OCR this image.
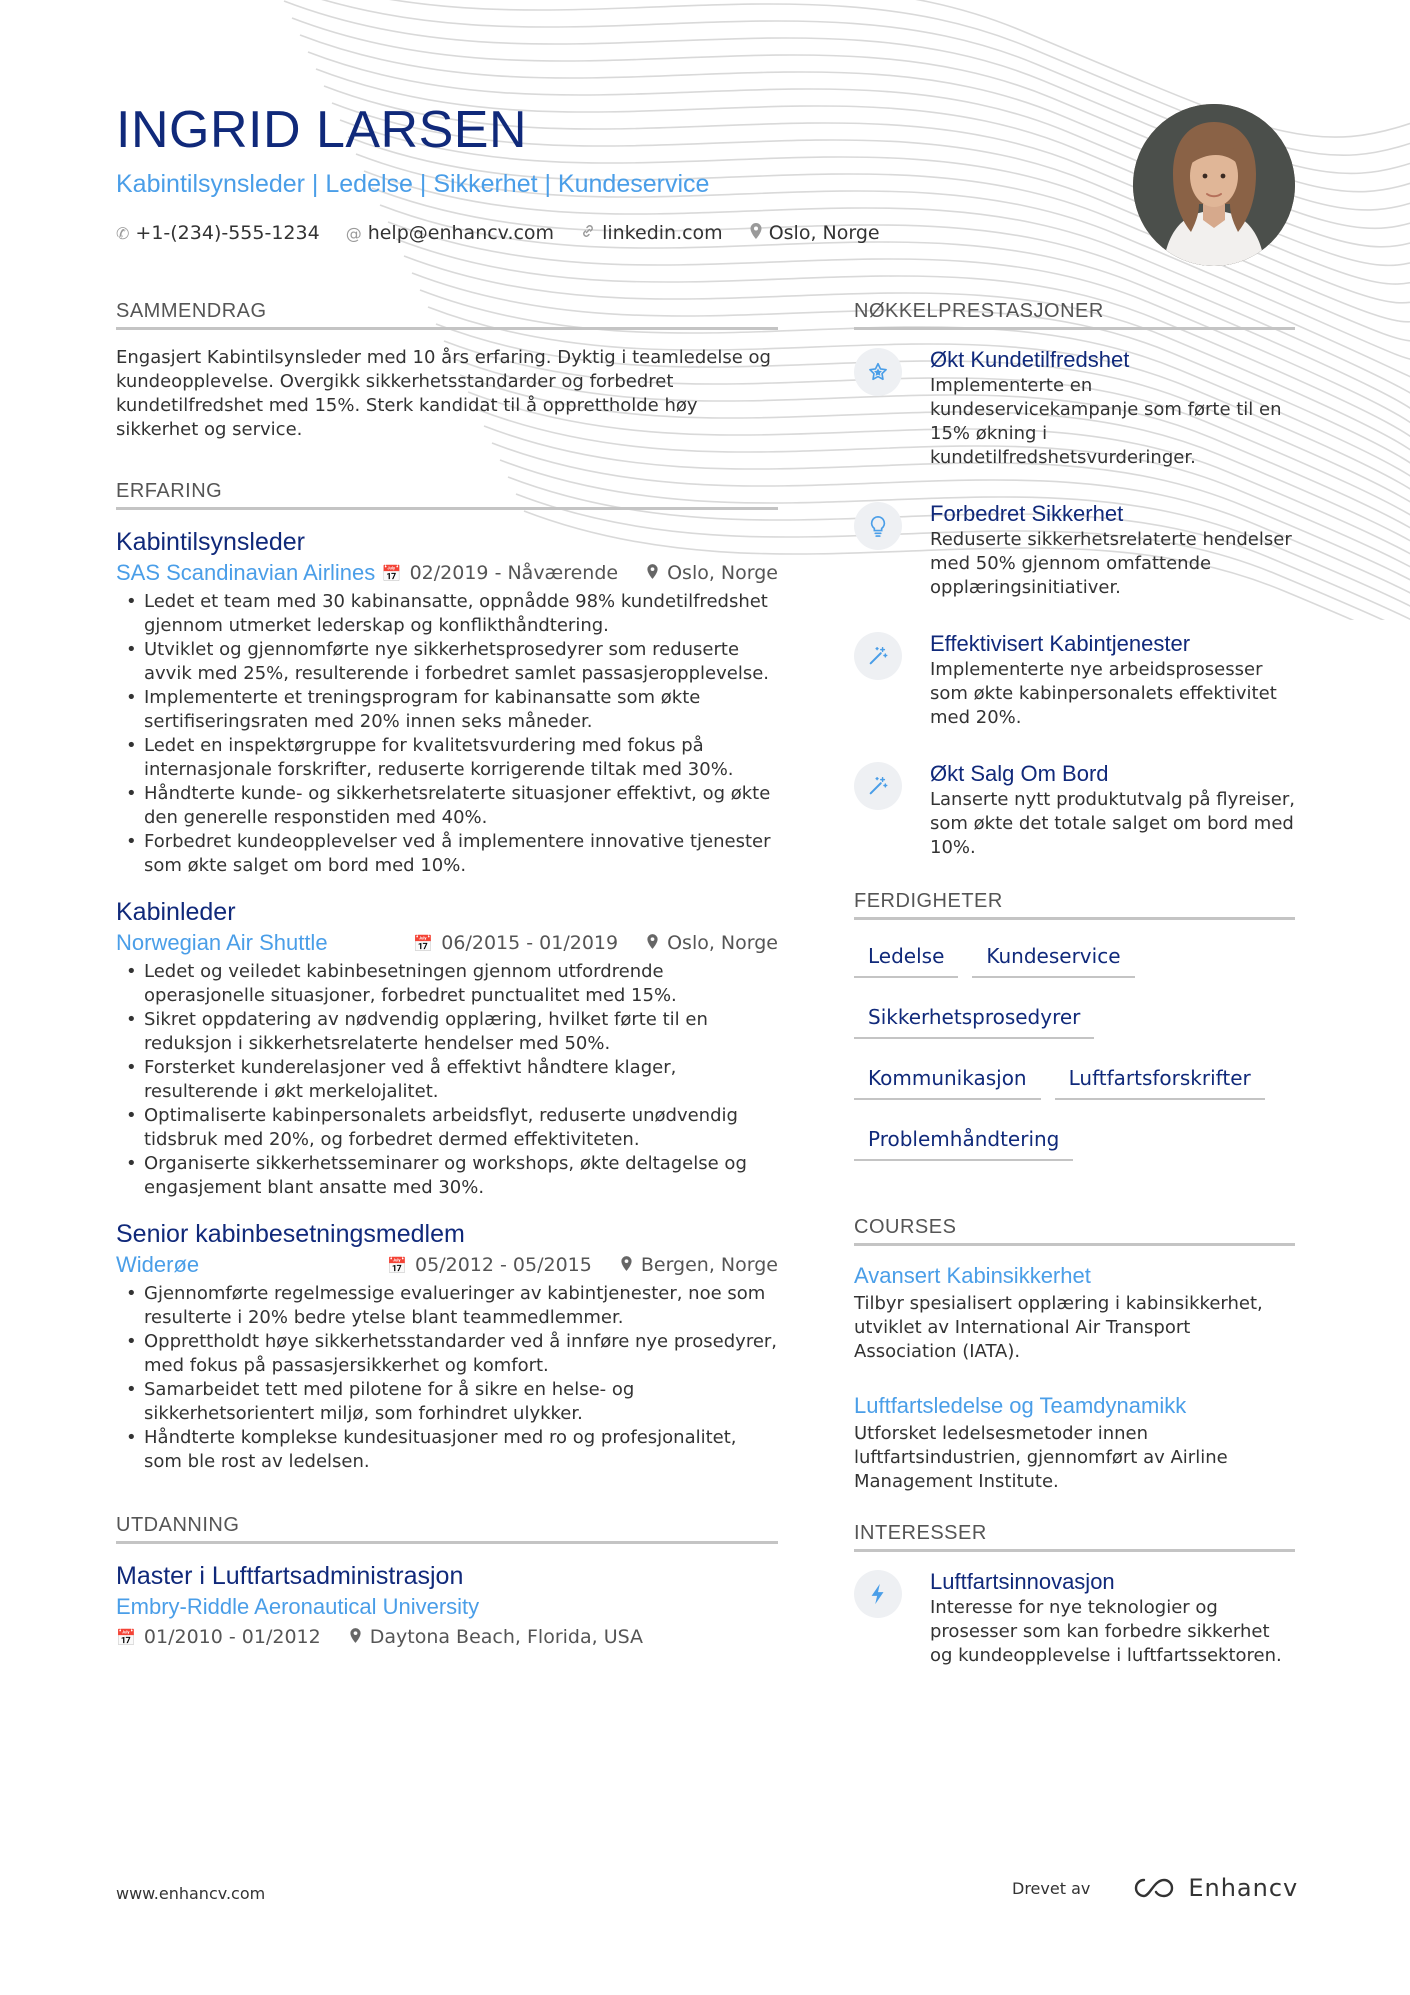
INGRID LARSEN
Kabintilsynsleder | Ledelse | Sikkerhet | Kundeservice
✆ +1-(234)-555-1234 @ help@enhancv.com	linkedin.com Oslo, Norge
SAMMENDRAG
Engasjert Kabintilsynsleder med 10 års erfaring. Dyktig i teamledelse og kundeopplevelse. Overgikk sikkerhetsstandarder og forbedret kundetilfredshet med 15%. Sterk kandidat til å opprettholde høy sikkerhet og service.
ERFARING
Kabintilsynsleder
SAS Scandinavian Airlines 📅 02/2019 - Nåværende	Oslo, Norge
• Ledet et team med 30 kabinansatte, oppnådde 98% kundetilfredshet gjennom utmerket lederskap og konflikthåndtering.
• Utviklet og gjennomførte nye sikkerhetsprosedyrer som reduserte avvik med 25%, resulterende i forbedret samlet passasjeropplevelse.
• Implementerte et treningsprogram for kabinansatte som økte sertifiseringsraten med 20% innen seks måneder.
• Ledet en inspektørgruppe for kvalitetsvurdering med fokus på internasjonale forskrifter, reduserte korrigerende tiltak med 30%.
• Håndterte kunde- og sikkerhetsrelaterte situasjoner effektivt, og økte den generelle responstiden med 40%.
• Forbedret kundeopplevelser ved å implementere innovative tjenester som økte salget om bord med 10%.
Kabinleder
Norwegian Air Shuttle	📅 06/2015 - 01/2019	Oslo, Norge
• Ledet og veiledet kabinbesetningen gjennom utfordrende operasjonelle situasjoner, forbedret punctualitet med 15%.
• Sikret oppdatering av nødvendig opplæring, hvilket førte til en reduksjon i sikkerhetsrelaterte hendelser med 50%.
• Forsterket kunderelasjoner ved å effektivt håndtere klager, resulterende i økt merkelojalitet.
• Optimaliserte kabinpersonalets arbeidsflyt, reduserte unødvendig tidsbruk med 20%, og forbedret dermed effektiviteten.
• Organiserte sikkerhetsseminarer og workshops, økte deltagelse og engasjement blant ansatte med 30%.
Senior kabinbesetningsmedlem
Widerøe	📅 05/2012 - 05/2015	Bergen, Norge
• Gjennomførte regelmessige evalueringer av kabintjenester, noe som resulterte i 20% bedre ytelse blant teammedlemmer.
• Opprettholdt høye sikkerhetsstandarder ved å innføre nye prosedyrer, med fokus på passasjersikkerhet og komfort.
• Samarbeidet tett med pilotene for å sikre en helse- og sikkerhetsorientert miljø, som forhindret ulykker.
• Håndterte komplekse kundesituasjoner med ro og profesjonalitet, som ble rost av ledelsen.
UTDANNING
Master i Luftfartsadministrasjon
Embry-Riddle Aeronautical University
📅 01/2010 - 01/2012	Daytona Beach, Florida, USA
NØKKELPRESTASJONER
Økt Kundetilfredshet
Implementerte en kundeservicekampanje som førte til en 15% økning i kundetilfredshetsvurderinger.
Forbedret Sikkerhet
Reduserte sikkerhetsrelaterte hendelser med 50% gjennom omfattende opplæringsinitiativer.
Effektivisert Kabintjenester
Implementerte nye arbeidsprosesser som økte kabinpersonalets effektivitet med 20%.
Økt Salg Om Bord
Lanserte nytt produktutvalg på flyreiser, som økte det totale salget om bord med 10%.
FERDIGHETER
Ledelse	Kundeservice
Sikkerhetsprosedyrer
Kommunikasjon	Luftfartsforskrifter
Problemhåndtering
COURSES
Avansert Kabinsikkerhet
Tilbyr spesialisert opplæring i kabinsikkerhet, utviklet av International Air Transport Association (IATA).
Luftfartsledelse og Teamdynamikk
Utforsket ledelsesmetoder innen luftfartsindustrien, gjennomført av Airline Management Institute.
INTERESSER
Luftfartsinnovasjon
Interesse for nye teknologier og prosesser som kan forbedre sikkerhet og kundeopplevelse i luftfartssektoren.
www.enhancv.com	Drevet av	Enhancv
